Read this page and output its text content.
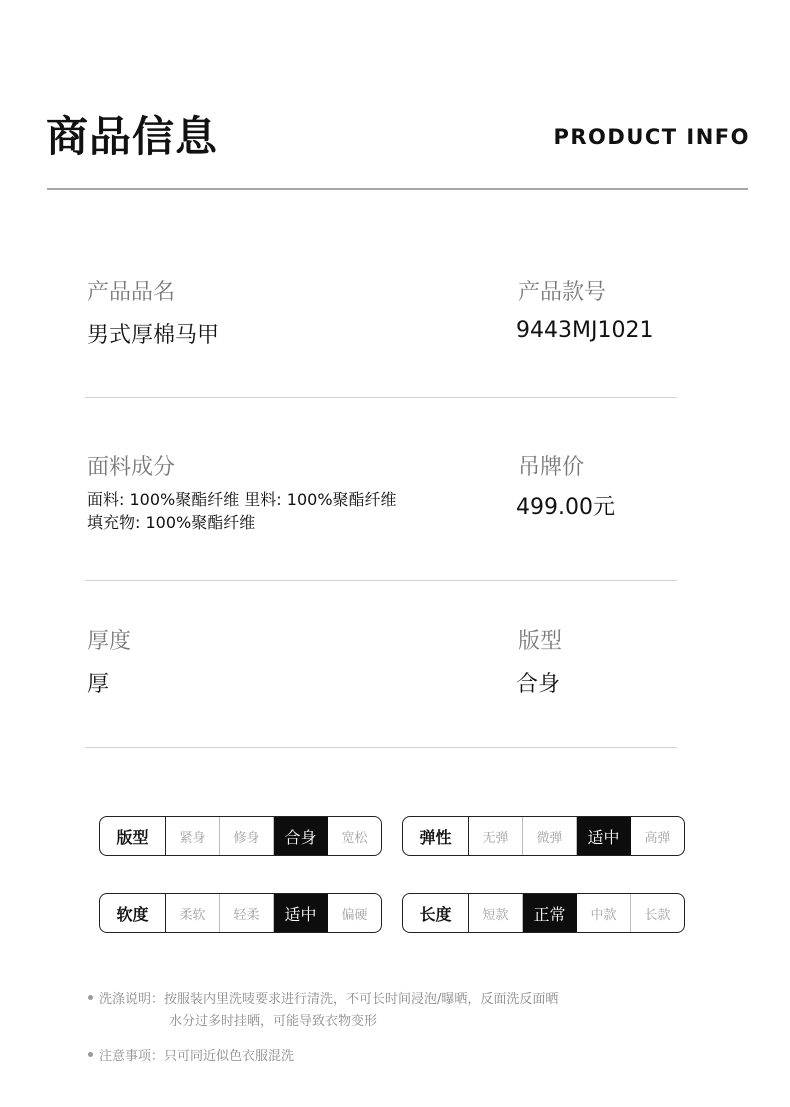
商品信息	PRODUCT INFO
产品品名
男式厚棉马甲
产品款号
9443MJ1021
面料成分
面料: 100%聚酯纤维 里料: 100%聚酯纤维
填充物: 100%聚酯纤维
吊牌价
499.00元
厚度
厚
版型
合身
版型	紧身	修身	合身	宽松	弹性	无弹	微弹	适中	高弹
软度	柔软	轻柔	适中	偏硬	长度	短款	正常	中款	长款
洗涤说明：按服装内里洗唛要求进行清洗，不可长时间浸泡/曝晒，反面洗反面晒
水分过多时挂晒，可能导致衣物变形
注意事项：只可同近似色衣服混洗
